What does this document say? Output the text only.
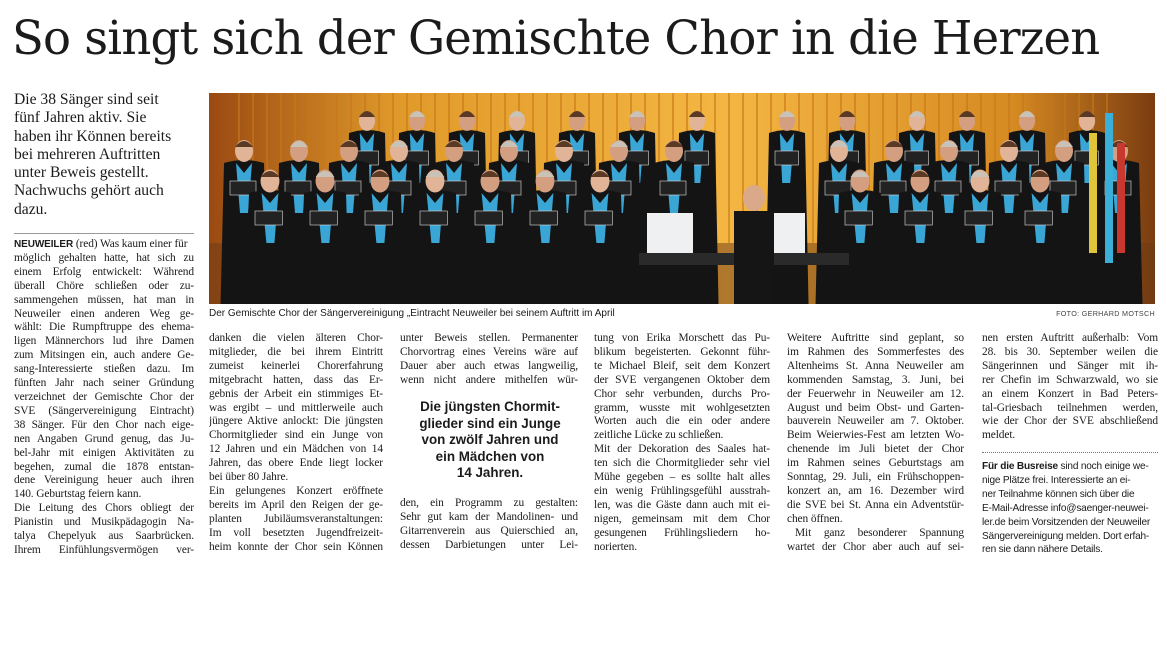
So singt sich der Gemischte Chor in die Herzen
Die 38 Sänger sind seit
fünf Jahren aktiv. Sie
haben ihr Können bereits
bei mehreren Auftritten
unter Beweis gestellt.
Nachwuchs gehört auch
dazu.
Der Gemischte Chor der Sängervereinigung „Eintracht Neuweiler bei seinem Auftritt im April	FOTO: GERHARD MOTSCH
NEUWEILER (red) Was kaum einer für
möglich gehalten hatte, hat sich zu
einem Erfolg entwickelt: Während
überall Chöre schließen oder zu-
sammengehen müssen, hat man in
Neuweiler einen anderen Weg ge-
wählt: Die Rumpftruppe des ehema-
ligen Männerchors lud ihre Damen
zum Mitsingen ein, auch andere Ge-
sang-Interessierte stießen dazu. Im
fünften Jahr nach seiner Gründung
verzeichnet der Gemischte Chor der
SVE (Sängervereinigung Eintracht)
38 Sänger. Für den Chor nach eige-
nen Angaben Grund genug, das Ju-
bel-Jahr mit einigen Aktivitäten zu
begehen, zumal die 1878 entstan-
dene Vereinigung heuer auch ihren
140. Geburtstag feiern kann.
Die Leitung des Chors obliegt der
Pianistin und Musikpädagogin Na-
talya Chepelyuk aus Saarbrücken.
Ihrem Einfühlungsvermögen ver-
danken die vielen älteren Chor-
mitglieder, die bei ihrem Eintritt
zumeist keinerlei Chorerfahrung
mitgebracht hatten, dass das Er-
gebnis der Arbeit ein stimmiges Et-
was ergibt – und mittlerweile auch
jüngere Aktive anlockt: Die jüngsten
Chormitglieder sind ein Junge von
12 Jahren und ein Mädchen von 14
Jahren, das obere Ende liegt locker
bei über 80 Jahre.
Ein gelungenes Konzert eröffnete
bereits im April den Reigen der ge-
planten Jubiläumsveranstaltungen:
Im voll besetzten Jugendfreizeit-
heim konnte der Chor sein Können
unter Beweis stellen. Permanenter
Chorvortrag eines Vereins wäre auf
Dauer aber auch etwas langweilig,
wenn nicht andere mithelfen wür-
Die jüngsten Chormit-
glieder sind ein Junge
von zwölf Jahren und
ein Mädchen von
14 Jahren.
den, ein Programm zu gestalten:
Sehr gut kam der Mandolinen- und
Gitarrenverein aus Quierschied an,
dessen Darbietungen unter Lei-
tung von Erika Morschett das Pu-
blikum begeisterten. Gekonnt führ-
te Michael Bleif, seit dem Konzert
der SVE vergangenen Oktober dem
Chor sehr verbunden, durchs Pro-
gramm, wusste mit wohlgesetzten
Worten auch die ein oder andere
zeitliche Lücke zu schließen.
Mit der Dekoration des Saales hat-
ten sich die Chormitglieder sehr viel
Mühe gegeben – es sollte halt alles
ein wenig Frühlingsgefühl ausstrah-
len, was die Gäste dann auch mit ei-
nigen, gemeinsam mit dem Chor
gesungenen Frühlingsliedern ho-
norierten.
Weitere Auftritte sind geplant, so
im Rahmen des Sommerfestes des
Altenheims St. Anna Neuweiler am
kommenden Samstag, 3. Juni, bei
der Feuerwehr in Neuweiler am 12.
August und beim Obst- und Garten-
bauverein Neuweiler am 7. Oktober.
Beim Weierwies-Fest am letzten Wo-
chenende im Juli bietet der Chor
im Rahmen seines Geburtstags am
Sonntag, 29. Juli, ein Frühschoppen-
konzert an, am 16. Dezember wird
die SVE bei St. Anna ein Adventstür-
chen öffnen.
Mit ganz besonderer Spannung
wartet der Chor aber auch auf sei-
nen ersten Auftritt außerhalb: Vom
28. bis 30. September weilen die
Sängerinnen und Sänger mit ih-
rer Chefin im Schwarzwald, wo sie
an einem Konzert in Bad Peters-
tal-Griesbach teilnehmen werden,
wie der Chor der SVE abschließend
meldet.
Für die Busreise sind noch einige we-
nige Plätze frei. Interessierte an ei-
ner Teilnahme können sich über die
E-Mail-Adresse info@saenger-neuwei-
ler.de beim Vorsitzenden der Neuweiler
Sängervereinigung melden. Dort erfah-
ren sie dann nähere Details.
